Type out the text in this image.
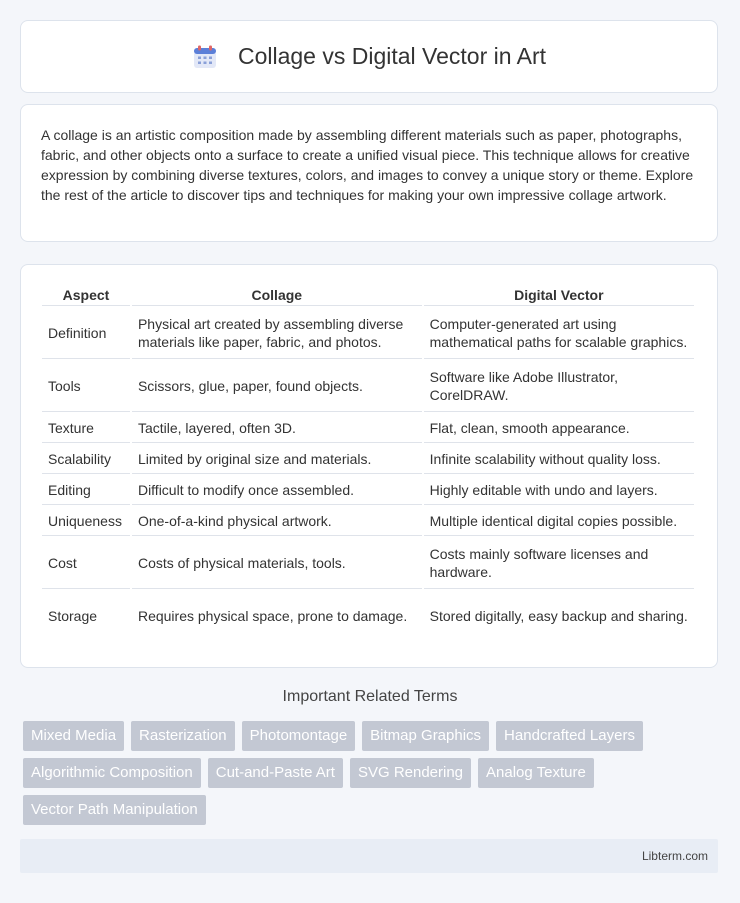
Collage vs Digital Vector in Art

A collage is an artistic composition made by assembling different materials such as paper, photographs, fabric, and other objects onto a surface to create a unified visual piece. This technique allows for creative expression by combining diverse textures, colors, and images to convey a unique story or theme. Explore the rest of the article to discover tips and techniques for making your own impressive collage artwork.

Aspect	Collage	Digital Vector
Definition	Physical art created by assembling diverse materials like paper, fabric, and photos.	Computer-generated art using mathematical paths for scalable graphics.
Tools	Scissors, glue, paper, found objects.	Software like Adobe Illustrator, CorelDRAW.
Texture	Tactile, layered, often 3D.	Flat, clean, smooth appearance.
Scalability	Limited by original size and materials.	Infinite scalability without quality loss.
Editing	Difficult to modify once assembled.	Highly editable with undo and layers.
Uniqueness	One-of-a-kind physical artwork.	Multiple identical digital copies possible.
Cost	Costs of physical materials, tools.	Costs mainly software licenses and hardware.
Storage	Requires physical space, prone to damage.	Stored digitally, easy backup and sharing.
Important Related Terms
Mixed Media	Rasterization	Photomontage	Bitmap Graphics	Handcrafted Layers
Algorithmic Composition	Cut-and-Paste Art	SVG Rendering	Analog Texture
Vector Path Manipulation
Libterm.com
